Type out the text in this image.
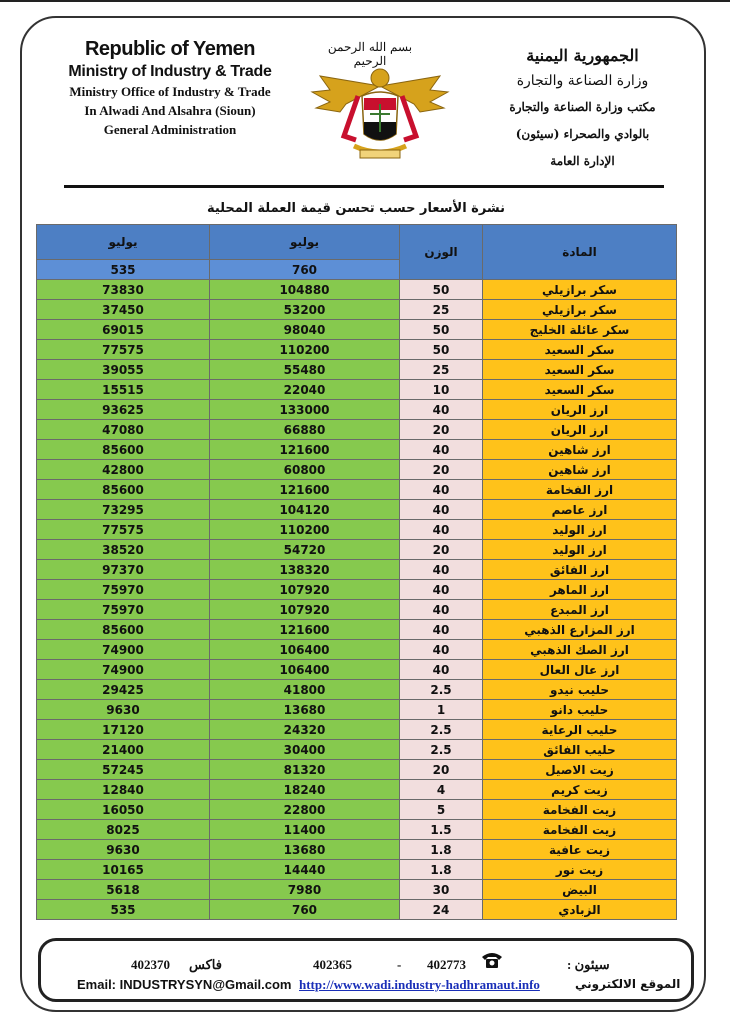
Republic of Yemen
Ministry of Industry & Trade
Ministry Office of Industry & Trade
In Alwadi And Alsahra (Sioun)
General Administration
بسم الله الرحمن الرحيم	الجمهورية اليمنية
وزارة الصناعة والتجارة
مكتب وزارة الصناعة والتجارة
بالوادي والصحراء (سيئون)
الإدارة العامة
نشرة الأسعار حسب تحسن قيمة العملة المحلية
يوليو	يوليو	الوزن	المادة
535	760		
73830	104880	50	سكر برازيلي
37450	53200	25	سكر برازيلي
69015	98040	50	سكر عائلة الخليج
77575	110200	50	سكر السعيد
39055	55480	25	سكر السعيد
15515	22040	10	سكر السعيد
93625	133000	40	ارز الريان
47080	66880	20	ارز الريان
85600	121600	40	ارز شاهين
42800	60800	20	ارز شاهين
85600	121600	40	ارز الفخامة
73295	104120	40	ارز عاصم
77575	110200	40	ارز الوليد
38520	54720	20	ارز الوليد
97370	138320	40	ارز الفائق
75970	107920	40	ارز الماهر
75970	107920	40	ارز المبدع
85600	121600	40	ارز المزارع الذهبي
74900	106400	40	ارز الصك الذهبي
74900	106400	40	ارز عال العال
29425	41800	2.5	حليب نيدو
9630	13680	1	حليب دانو
17120	24320	2.5	حليب الرعاية
21400	30400	2.5	حليب الفائق
57245	81320	20	زيت الاصيل
12840	18240	4	زيت كريم
16050	22800	5	زيت الفخامة
8025	11400	1.5	زيت الفخامة
9630	13680	1.8	زيت عافية
10165	14440	1.8	زيت نور
5618	7980	30	البيض
535	760	24	الزبادي
402370 فاكس	402365	- 402773	سيئون :
Email: INDUSTRYSYN@Gmail.com http://www.wadi.industry-hadhramaut.info	الموقع الالكتروني
